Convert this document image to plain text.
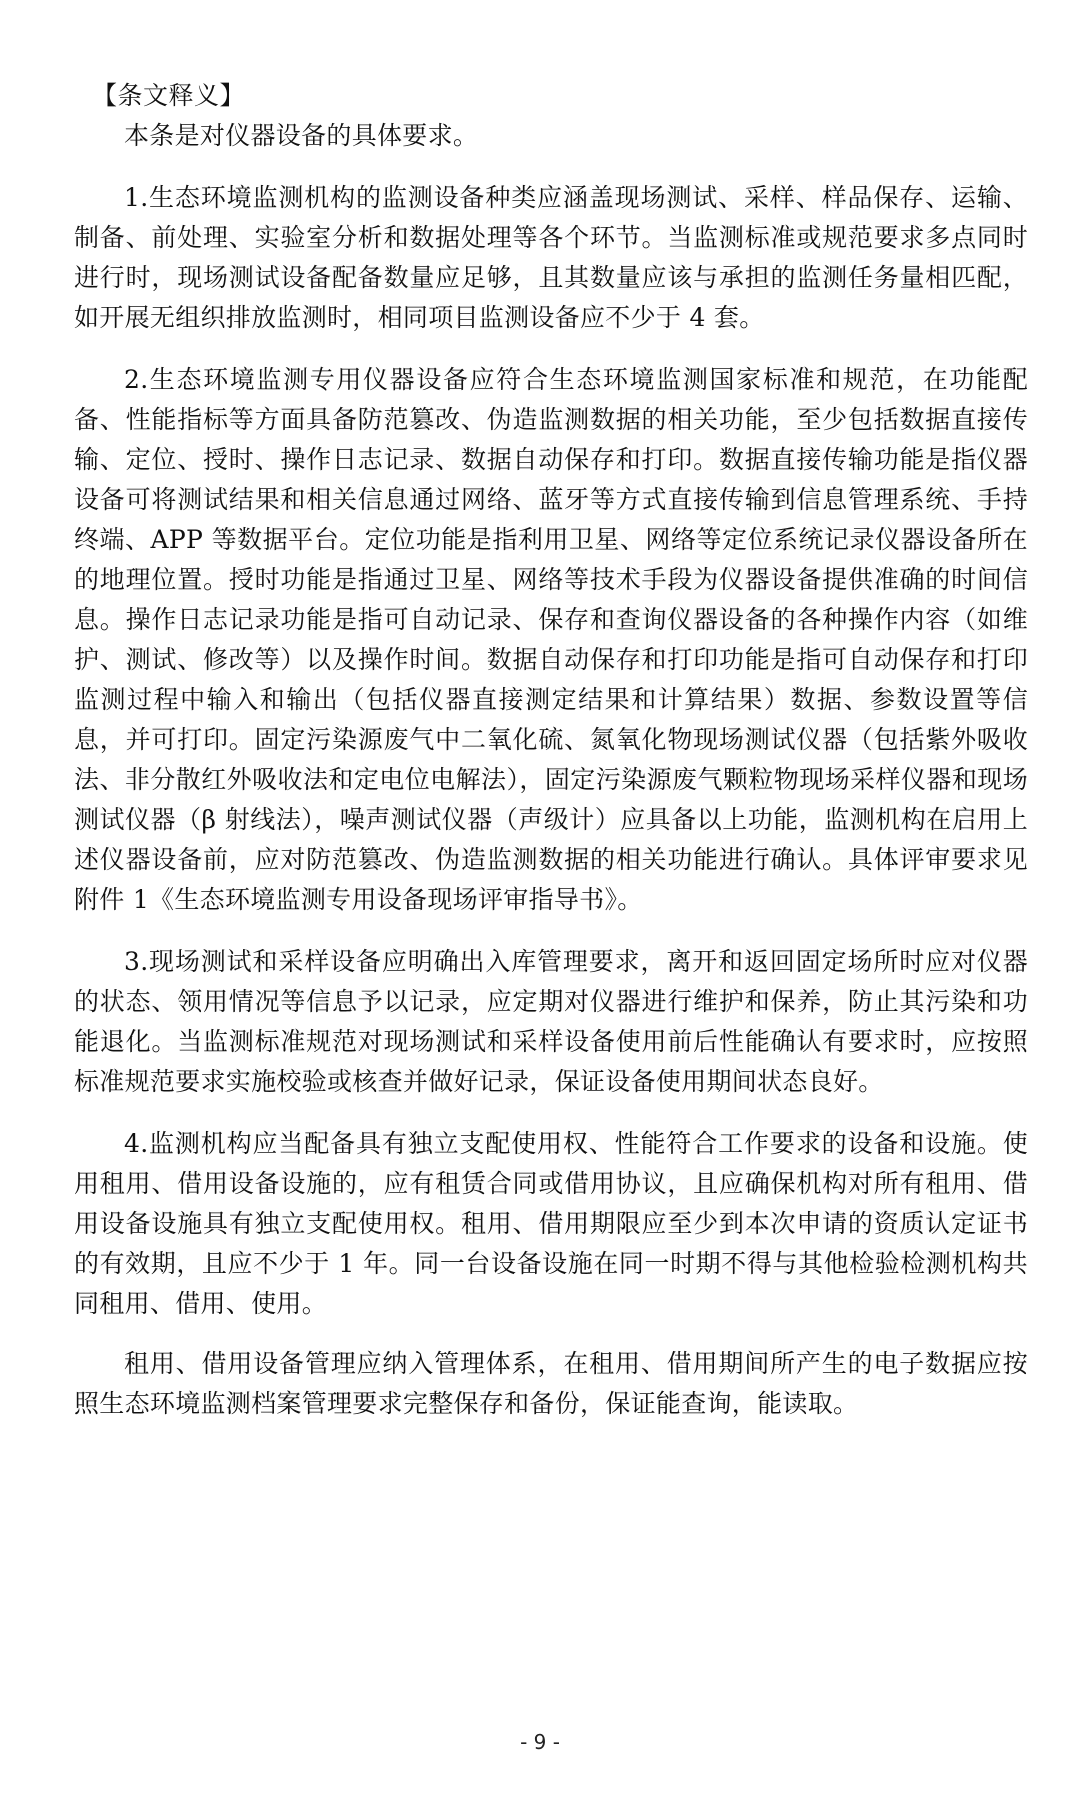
【条文释义】

本条是对仪器设备的具体要求。

1.生态环境监测机构的监测设备种类应涵盖现场测试、采样、样品保存、运输、制备、前处理、实验室分析和数据处理等各个环节。当监测标准或规范要求多点同时进行时，现场测试设备配备数量应足够，且其数量应该与承担的监测任务量相匹配，如开展无组织排放监测时，相同项目监测设备应不少于 4 套。

2.生态环境监测专用仪器设备应符合生态环境监测国家标准和规范，在功能配备、性能指标等方面具备防范篡改、伪造监测数据的相关功能，至少包括数据直接传输、定位、授时、操作日志记录、数据自动保存和打印。数据直接传输功能是指仪器设备可将测试结果和相关信息通过网络、蓝牙等方式直接传输到信息管理系统、手持终端、APP 等数据平台。定位功能是指利用卫星、网络等定位系统记录仪器设备所在的地理位置。授时功能是指通过卫星、网络等技术手段为仪器设备提供准确的时间信息。操作日志记录功能是指可自动记录、保存和查询仪器设备的各种操作内容（如维护、测试、修改等）以及操作时间。数据自动保存和打印功能是指可自动保存和打印监测过程中输入和输出（包括仪器直接测定结果和计算结果）数据、参数设置等信息，并可打印。固定污染源废气中二氧化硫、氮氧化物现场测试仪器（包括紫外吸收法、非分散红外吸收法和定电位电解法），固定污染源废气颗粒物现场采样仪器和现场测试仪器（β 射线法），噪声测试仪器（声级计）应具备以上功能，监测机构在启用上述仪器设备前，应对防范篡改、伪造监测数据的相关功能进行确认。具体评审要求见附件 1《生态环境监测专用设备现场评审指导书》。

3.现场测试和采样设备应明确出入库管理要求，离开和返回固定场所时应对仪器的状态、领用情况等信息予以记录，应定期对仪器进行维护和保养，防止其污染和功能退化。当监测标准规范对现场测试和采样设备使用前后性能确认有要求时，应按照标准规范要求实施校验或核查并做好记录，保证设备使用期间状态良好。

4.监测机构应当配备具有独立支配使用权、性能符合工作要求的设备和设施。使用租用、借用设备设施的，应有租赁合同或借用协议，且应确保机构对所有租用、借用设备设施具有独立支配使用权。租用、借用期限应至少到本次申请的资质认定证书的有效期，且应不少于 1 年。同一台设备设施在同一时期不得与其他检验检测机构共同租用、借用、使用。

租用、借用设备管理应纳入管理体系，在租用、借用期间所产生的电子数据应按照生态环境监测档案管理要求完整保存和备份，保证能查询，能读取。

- 9 -
